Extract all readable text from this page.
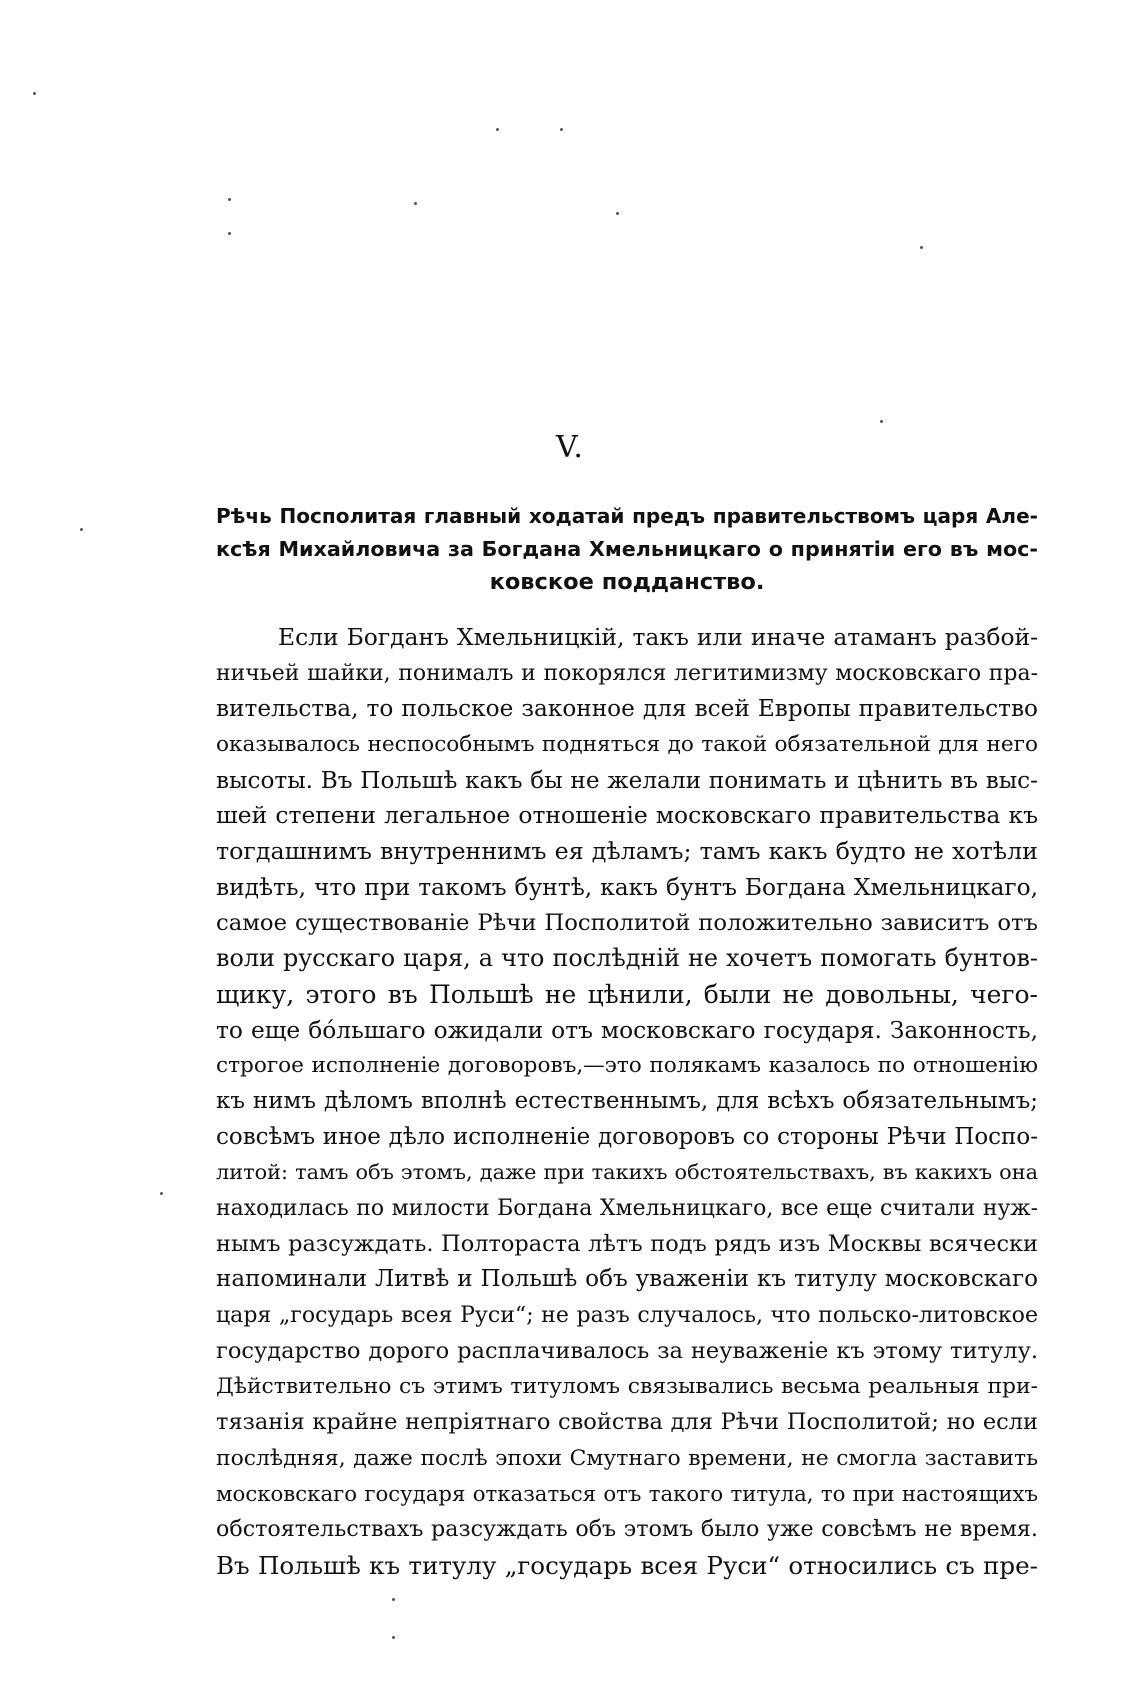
V.
Рѣчь Посполитая главный ходатай предъ правительствомъ царя Але-
ксѣя Михайловича за Богдана Хмельницкаго о принятіи его въ мос-
ковское подданство.
Если Богданъ Хмельницкій, такъ или иначе атаманъ разбой-
ничьей шайки, понималъ и покорялся легитимизму московскаго пра-
вительства, то польское законное для всей Европы правительство
оказывалось неспособнымъ подняться до такой обязательной для него
высоты. Въ Польшѣ какъ бы не желали понимать и цѣнить въ выс-
шей степени легальное отношеніе московскаго правительства къ
тогдашнимъ внутреннимъ ея дѣламъ; тамъ какъ будто не хотѣли
видѣть, что при такомъ бунтѣ, какъ бунтъ Богдана Хмельницкаго,
самое существованіе Рѣчи Посполитой положительно зависитъ отъ
воли русскаго царя, а что послѣдній не хочетъ помогать бунтов-
щику, этого въ Польшѣ не цѣнили, были не довольны, чего-
то еще бо́льшаго ожидали отъ московскаго государя. Законность,
строгое исполненіе договоровъ,—это полякамъ казалось по отношенію
къ нимъ дѣломъ вполнѣ естественнымъ, для всѣхъ обязательнымъ;
совсѣмъ иное дѣло исполненіе договоровъ со стороны Рѣчи Поспо-
литой: тамъ объ этомъ, даже при такихъ обстоятельствахъ, въ какихъ она
находилась по милости Богдана Хмельницкаго, все еще считали нуж-
нымъ разсуждать. Полтораста лѣтъ подъ рядъ изъ Москвы всячески
напоминали Литвѣ и Польшѣ объ уваженіи къ титулу московскаго
царя „государь всея Руси“; не разъ случалось, что польско-литовское
государство дорого расплачивалось за неуваженіе къ этому титулу.
Дѣйствительно съ этимъ титуломъ связывались весьма реальныя при-
тязанія крайне непріятнаго свойства для Рѣчи Посполитой; но если
послѣдняя, даже послѣ эпохи Смутнаго времени, не смогла заставить
московскаго государя отказаться отъ такого титула, то при настоящихъ
обстоятельствахъ разсуждать объ этомъ было уже совсѣмъ не время.
Въ Польшѣ къ титулу „государь всея Руси“ относились съ пре-
